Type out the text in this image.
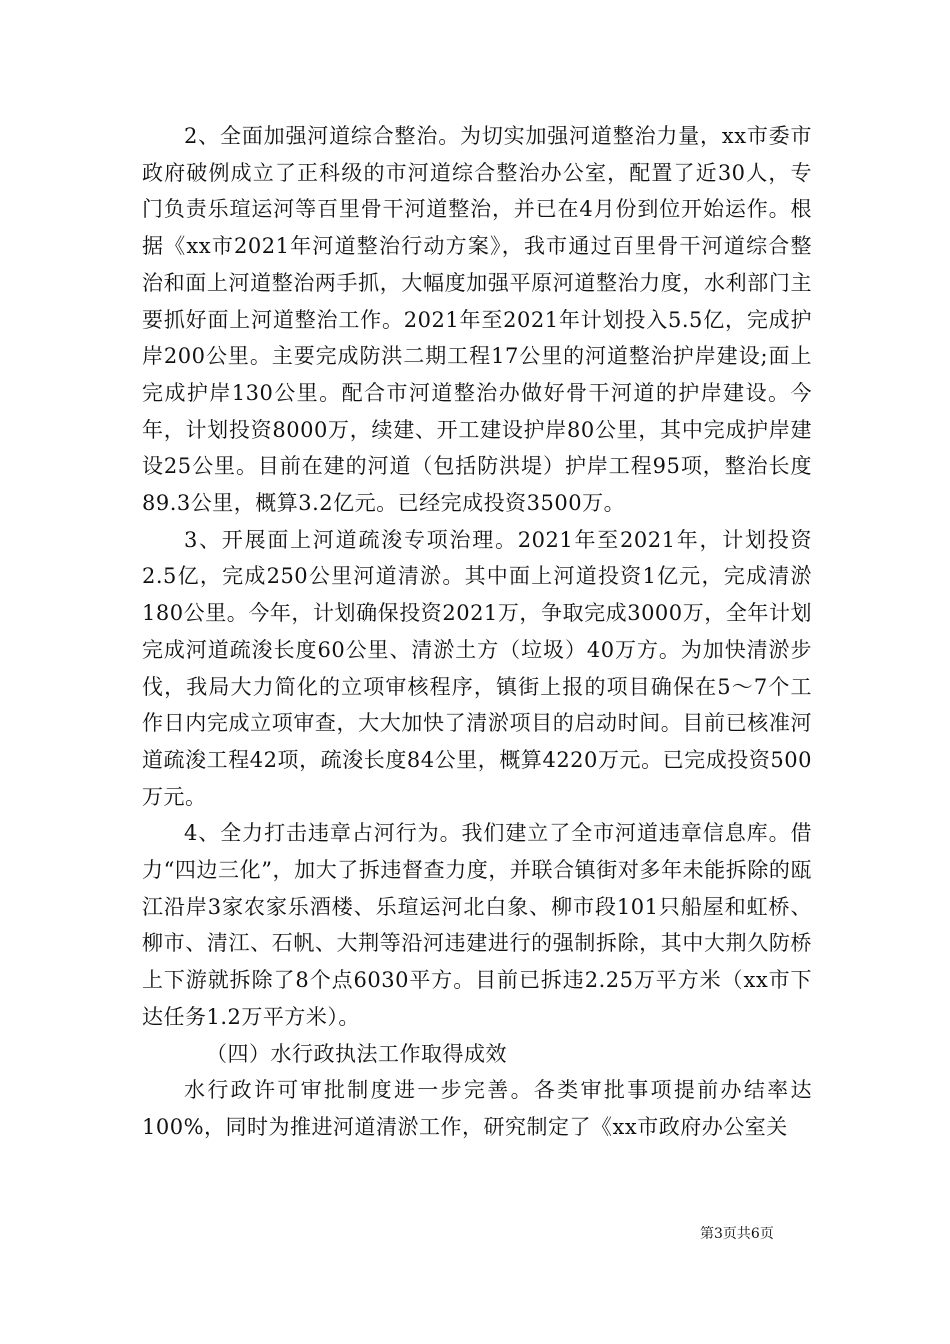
2、全面加强河道综合整治。为切实加强河道整治力量，xx市委市政府破例成立了正科级的市河道综合整治办公室，配置了近30人，专门负责乐瑄运河等百里骨干河道整治，并已在4月份到位开始运作。根据《xx市2021年河道整治行动方案》，我市通过百里骨干河道综合整治和面上河道整治两手抓，大幅度加强平原河道整治力度，水利部门主要抓好面上河道整治工作。2021年至2021年计划投入5.5亿，完成护岸200公里。主要完成防洪二期工程17公里的河道整治护岸建设;面上完成护岸130公里。配合市河道整治办做好骨干河道的护岸建设。今年，计划投资8000万，续建、开工建设护岸80公里，其中完成护岸建设25公里。目前在建的河道（包括防洪堤）护岸工程95项，整治长度89.3公里，概算3.2亿元。已经完成投资3500万。

3、开展面上河道疏浚专项治理。2021年至2021年，计划投资2.5亿，完成250公里河道清淤。其中面上河道投资1亿元，完成清淤180公里。今年，计划确保投资2021万，争取完成3000万，全年计划完成河道疏浚长度60公里、清淤土方（垃圾）40万方。为加快清淤步伐，我局大力简化的立项审核程序，镇街上报的项目确保在5～7个工作日内完成立项审查，大大加快了清淤项目的启动时间。目前已核准河道疏浚工程42项，疏浚长度84公里，概算4220万元。已完成投资500万元。

4、全力打击违章占河行为。我们建立了全市河道违章信息库。借力“四边三化”，加大了拆违督查力度，并联合镇街对多年未能拆除的瓯江沿岸3家农家乐酒楼、乐瑄运河北白象、柳市段101只船屋和虹桥、柳市、清江、石帆、大荆等沿河违建进行的强制拆除，其中大荆久防桥上下游就拆除了8个点6030平方。目前已拆违2.25万平方米（xx市下达任务1.2万平方米）。

（四）水行政执法工作取得成效

水行政许可审批制度进一步完善。各类审批事项提前办结率达100%，同时为推进河道清淤工作，研究制定了《xx市政府办公室关

第3页共6页
